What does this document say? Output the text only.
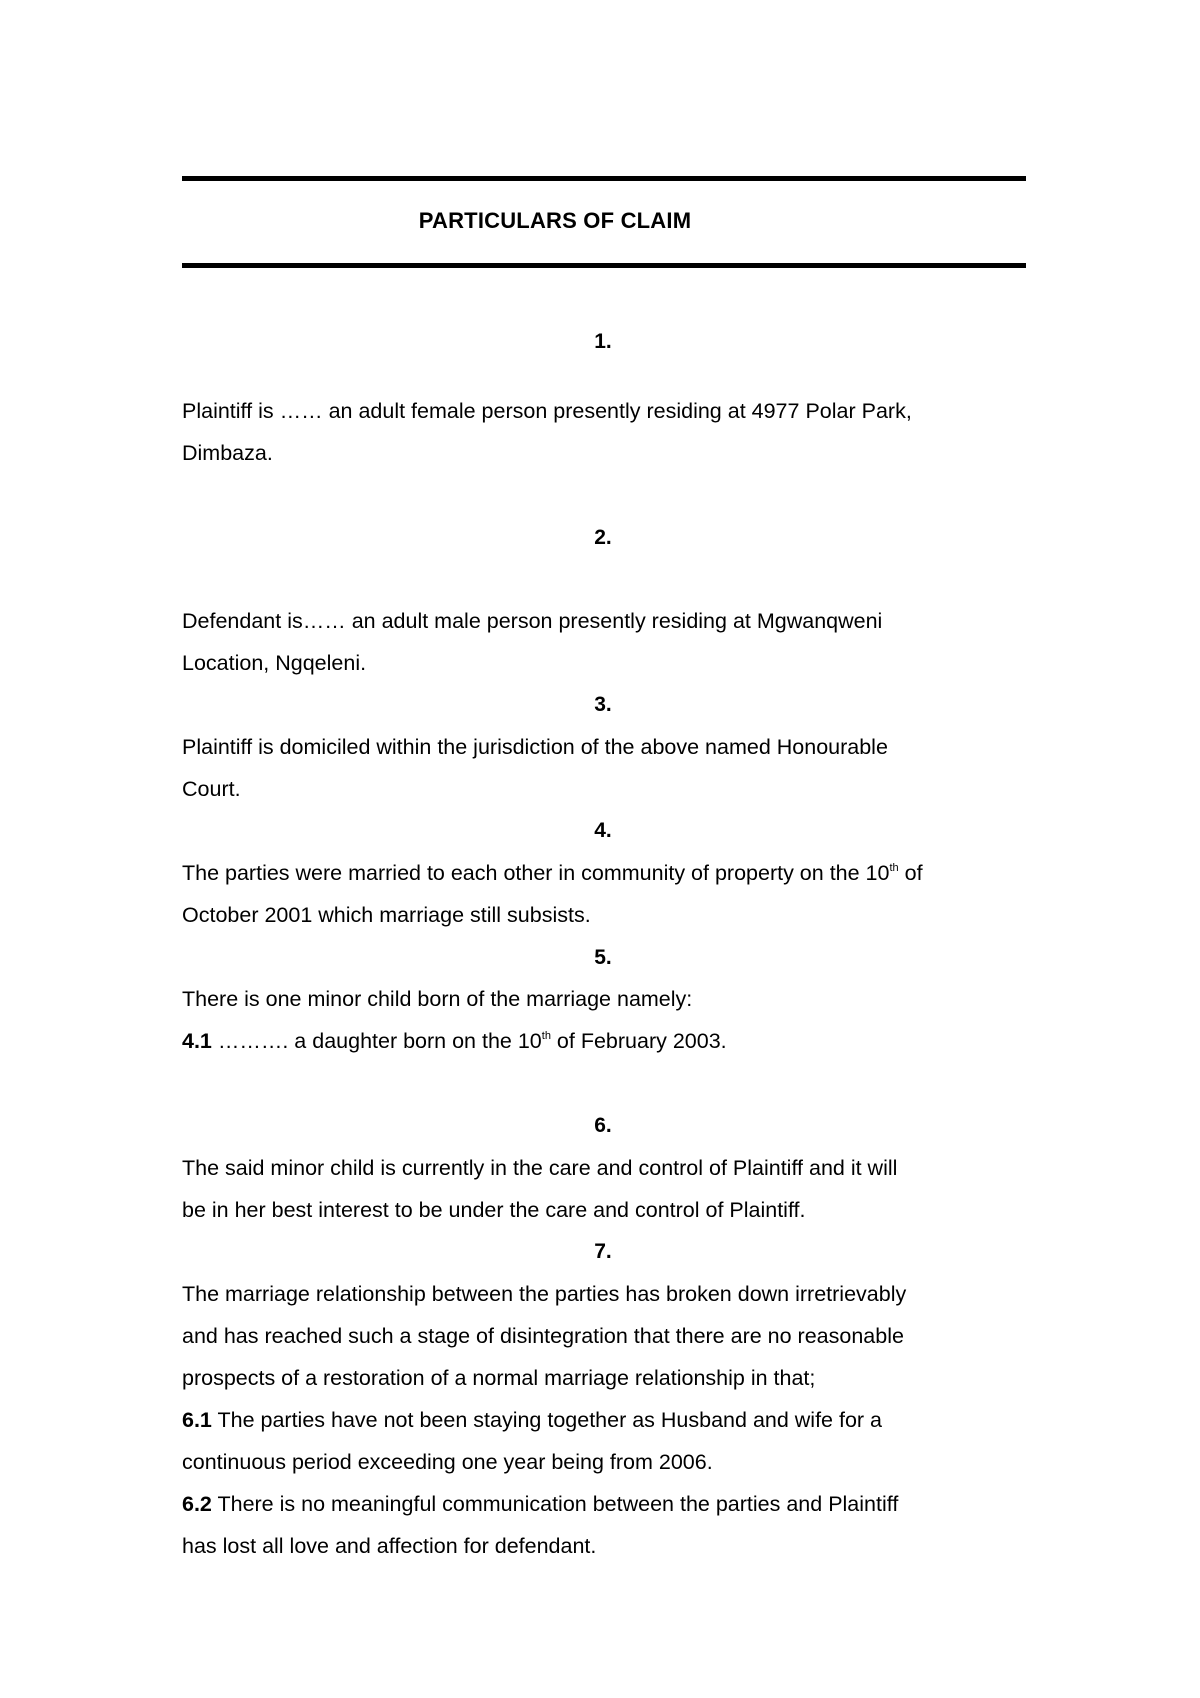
PARTICULARS OF CLAIM
1.
Plaintiff is …… an adult female person presently residing at 4977 Polar Park,
Dimbaza.
2.
Defendant is…… an adult male person presently residing at Mgwanqweni
Location, Ngqeleni.
3.
Plaintiff is domiciled within the jurisdiction of the above named Honourable
Court.
4.
The parties were married to each other in community of property on the 10th of
October 2001 which marriage still subsists.
5.
There is one minor child born of the marriage namely:
4.1 ………. a daughter born on the 10th of February 2003.
6.
The said minor child is currently in the care and control of Plaintiff and it will
be in her best interest to be under the care and control of Plaintiff.
7.
The marriage relationship between the parties has broken down irretrievably
and has reached such a stage of disintegration that there are no reasonable
prospects of a restoration of a normal marriage relationship in that;
6.1 The parties have not been staying together as Husband and wife for a
continuous period exceeding one year being from 2006.
6.2 There is no meaningful communication between the parties and Plaintiff
has lost all love and affection for defendant.
